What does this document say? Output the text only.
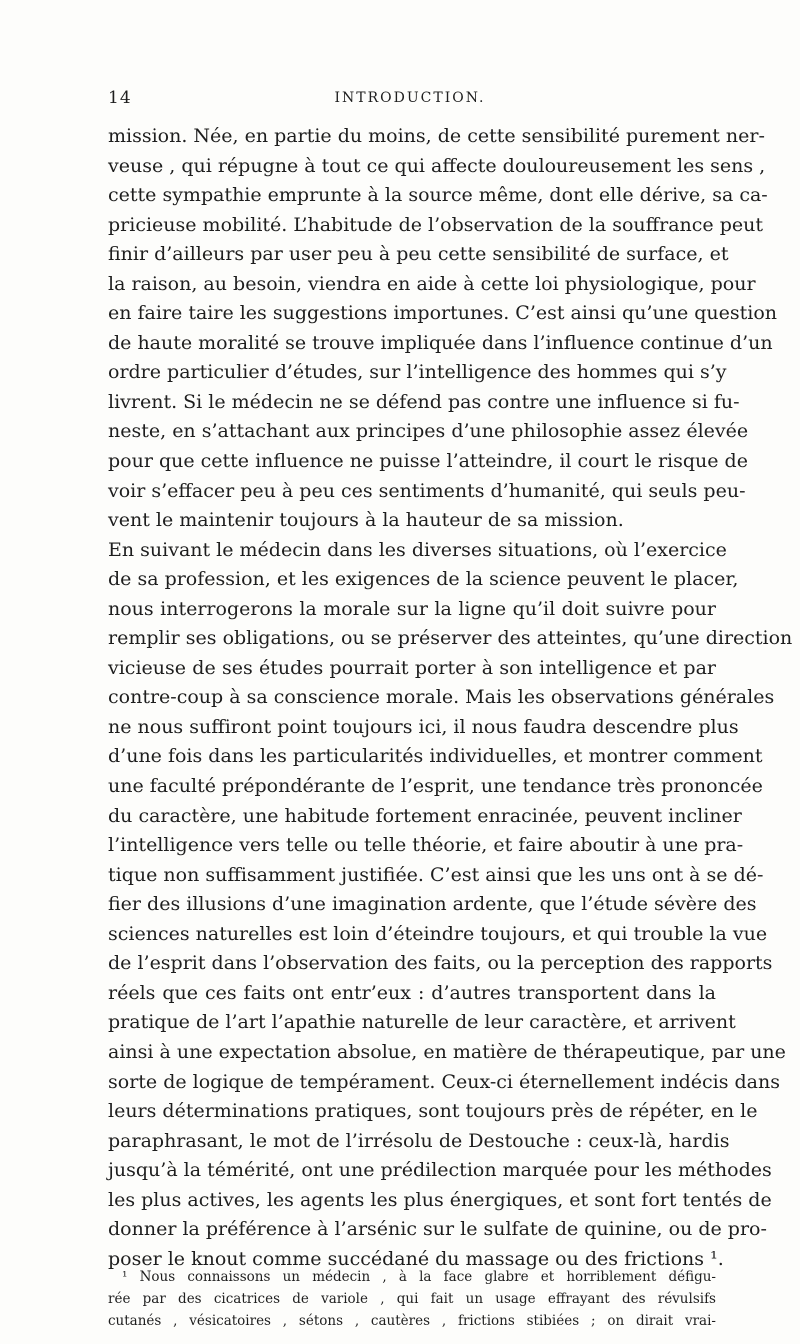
14	INTRODUCTION.
mission. Née, en partie du moins, de cette sensibilité purement ner-
veuse , qui répugne à tout ce qui affecte douloureusement les sens ,
cette sympathie emprunte à la source même, dont elle dérive, sa ca-
pricieuse mobilité. L’habitude de l’observation de la souffrance peut
finir d’ailleurs par user peu à peu cette sensibilité de surface, et
la raison, au besoin, viendra en aide à cette loi physiologique, pour
en faire taire les suggestions importunes. C’est ainsi qu’une question
de haute moralité se trouve impliquée dans l’influence continue d’un
ordre particulier d’études, sur l’intelligence des hommes qui s’y
livrent. Si le médecin ne se défend pas contre une influence si fu-
neste, en s’attachant aux principes d’une philosophie assez élevée
pour que cette influence ne puisse l’atteindre, il court le risque de
voir s’effacer peu à peu ces sentiments d’humanité, qui seuls peu-
vent le maintenir toujours à la hauteur de sa mission.
En suivant le médecin dans les diverses situations, où l’exercice
de sa profession, et les exigences de la science peuvent le placer,
nous interrogerons la morale sur la ligne qu’il doit suivre pour
remplir ses obligations, ou se préserver des atteintes, qu’une direction
vicieuse de ses études pourrait porter à son intelligence et par
contre-coup à sa conscience morale. Mais les observations générales
ne nous suffiront point toujours ici, il nous faudra descendre plus
d’une fois dans les particularités individuelles, et montrer comment
une faculté prépondérante de l’esprit, une tendance très prononcée
du caractère, une habitude fortement enracinée, peuvent incliner
l’intelligence vers telle ou telle théorie, et faire aboutir à une pra-
tique non suffisamment justifiée. C’est ainsi que les uns ont à se dé-
fier des illusions d’une imagination ardente, que l’étude sévère des
sciences naturelles est loin d’éteindre toujours, et qui trouble la vue
de l’esprit dans l’observation des faits, ou la perception des rapports
réels que ces faits ont entr’eux : d’autres transportent dans la
pratique de l’art l’apathie naturelle de leur caractère, et arrivent
ainsi à une expectation absolue, en matière de thérapeutique, par une
sorte de logique de tempérament. Ceux-ci éternellement indécis dans
leurs déterminations pratiques, sont toujours près de répéter, en le
paraphrasant, le mot de l’irrésolu de Destouche : ceux-là, hardis
jusqu’à la témérité, ont une prédilection marquée pour les méthodes
les plus actives, les agents les plus énergiques, et sont fort tentés de
donner la préférence à l’arsénic sur le sulfate de quinine, ou de pro-
poser le knout comme succédané du massage ou des frictions ¹.
¹ Nous connaissons un médecin , à la face glabre et horriblement défigu-
rée par des cicatrices de variole , qui fait un usage effrayant des révulsifs
cutanés , vésicatoires , sétons , cautères , frictions stibiées ; on dirait vrai-
